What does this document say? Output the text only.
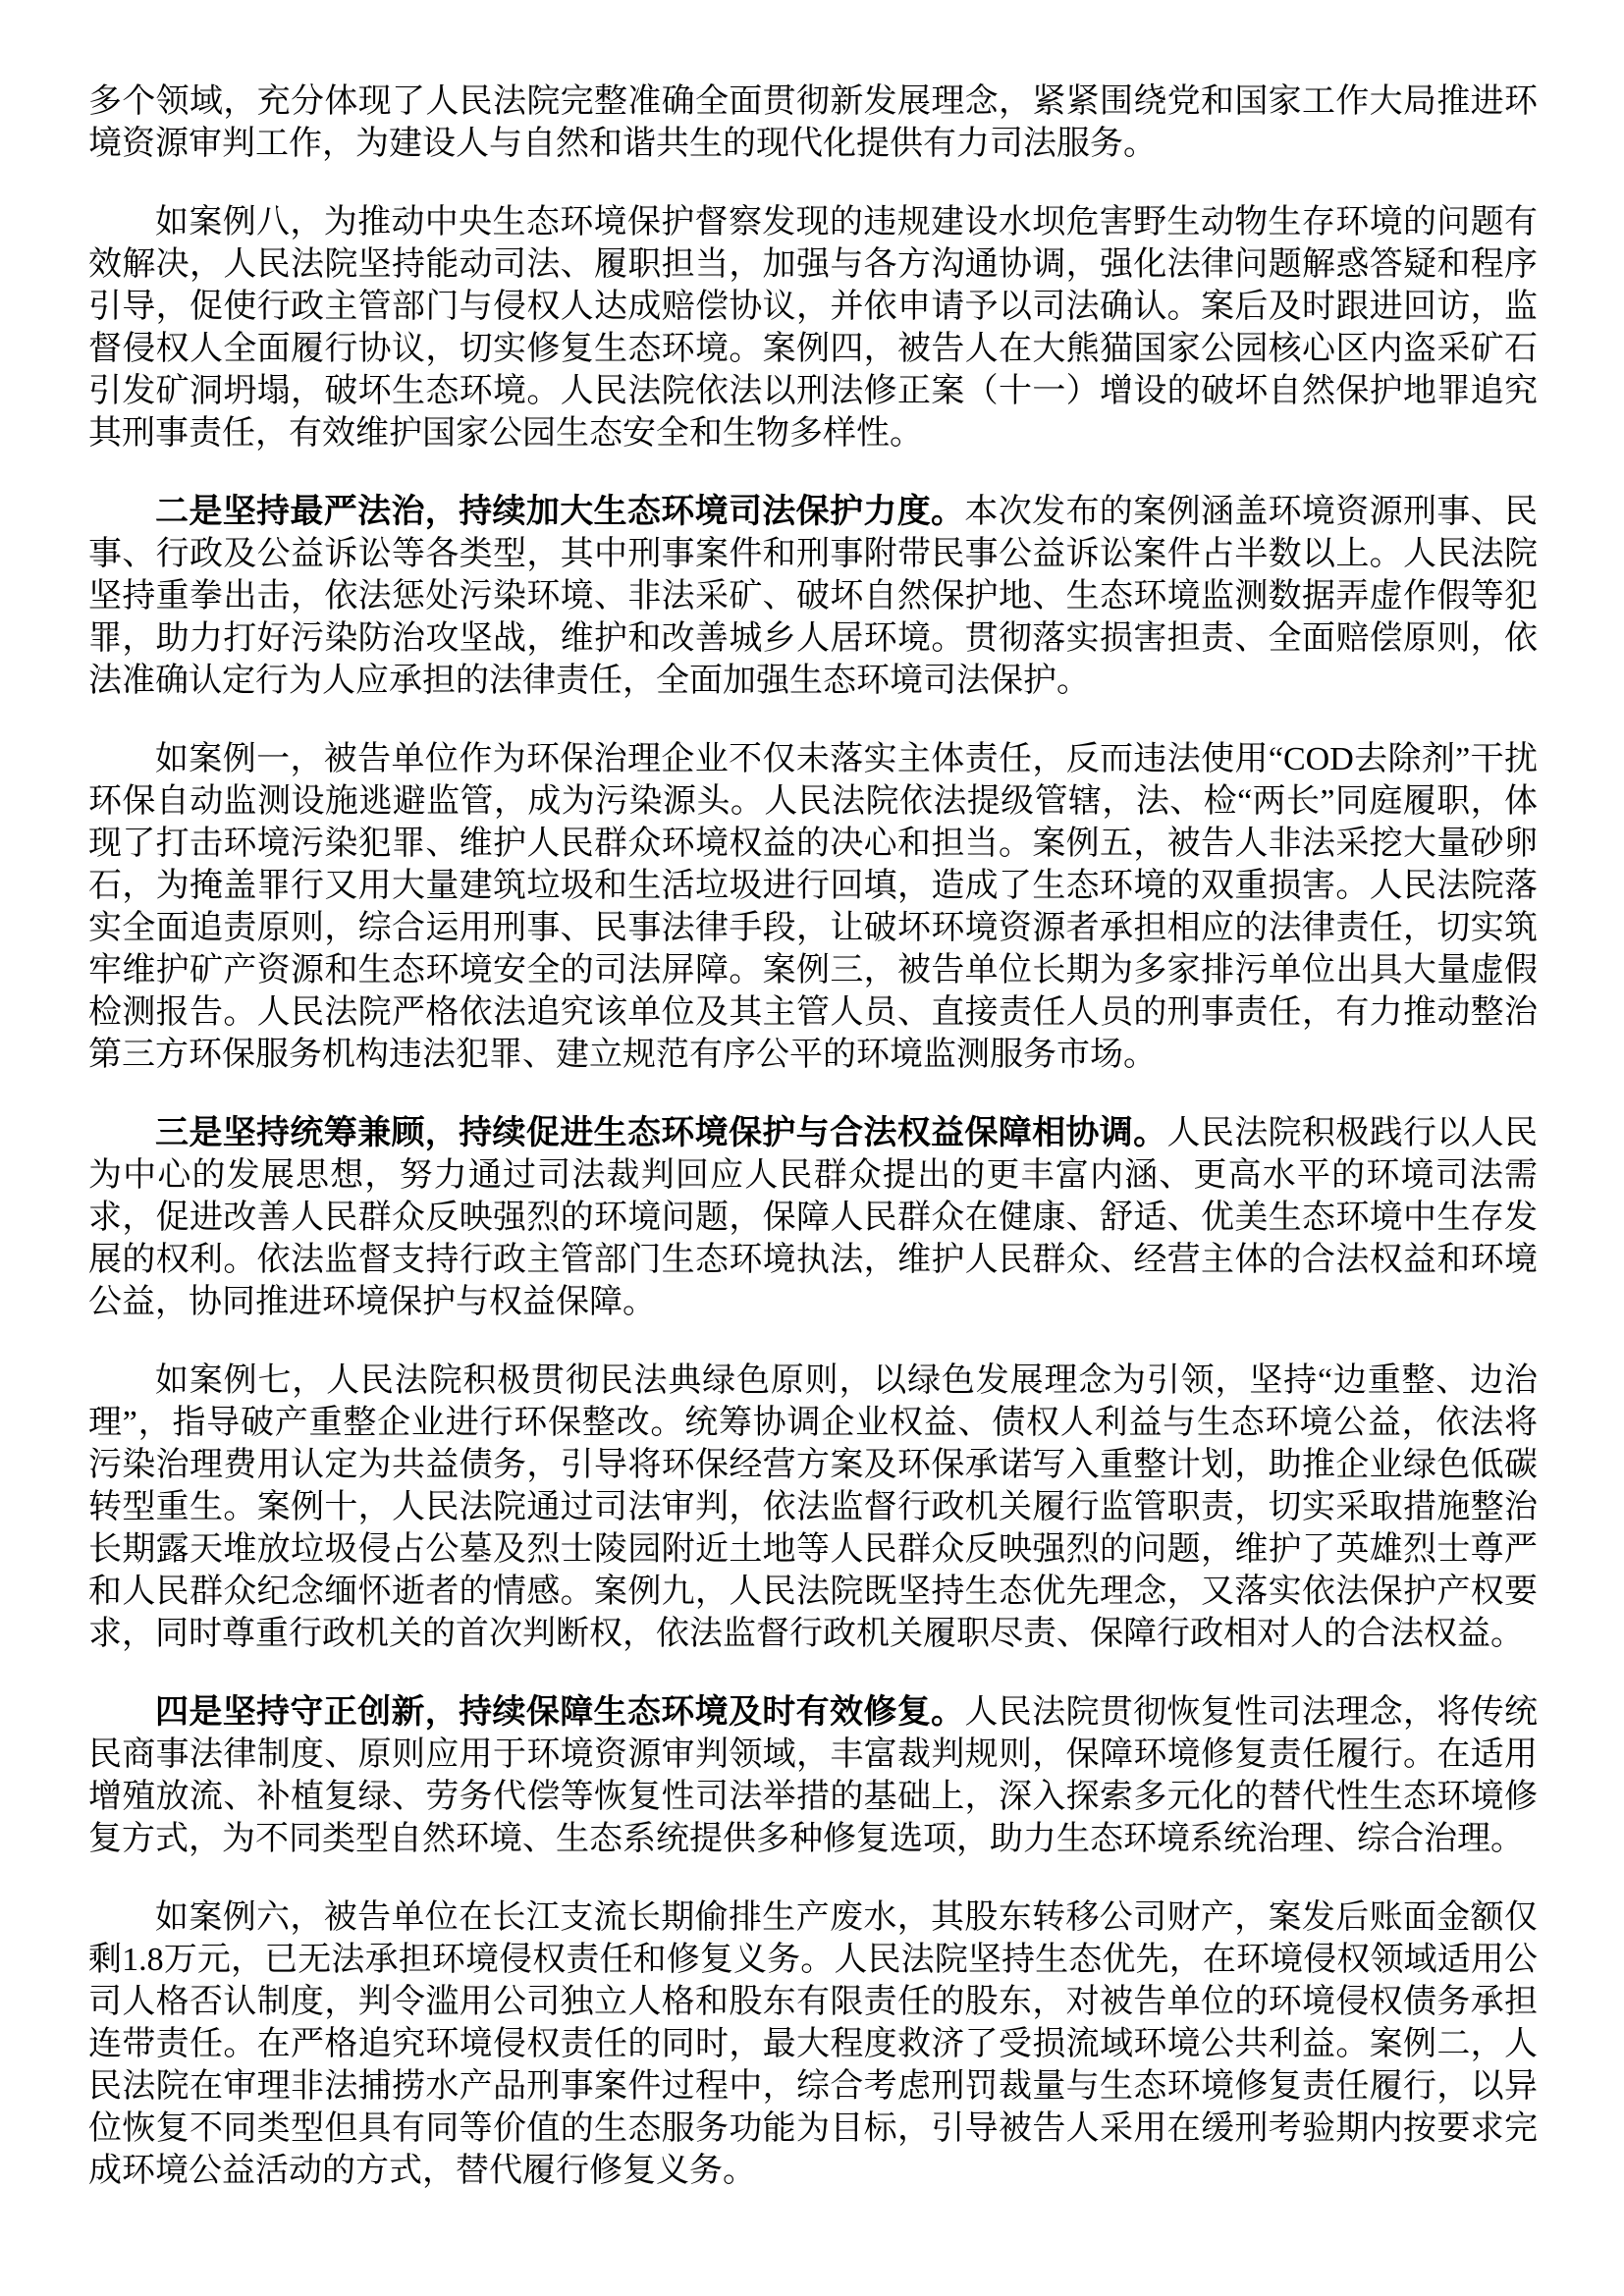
多个领域，充分体现了人民法院完整准确全面贯彻新发展理念，紧紧围绕党和国家工作大局推进环境资源审判工作，为建设人与自然和谐共生的现代化提供有力司法服务。

如案例八，为推动中央生态环境保护督察发现的违规建设水坝危害野生动物生存环境的问题有效解决，人民法院坚持能动司法、履职担当，加强与各方沟通协调，强化法律问题解惑答疑和程序引导，促使行政主管部门与侵权人达成赔偿协议，并依申请予以司法确认。案后及时跟进回访，监督侵权人全面履行协议，切实修复生态环境。案例四，被告人在大熊猫国家公园核心区内盗采矿石引发矿洞坍塌，破坏生态环境。人民法院依法以刑法修正案（十一）增设的破坏自然保护地罪追究其刑事责任，有效维护国家公园生态安全和生物多样性。

二是坚持最严法治，持续加大生态环境司法保护力度。本次发布的案例涵盖环境资源刑事、民事、行政及公益诉讼等各类型，其中刑事案件和刑事附带民事公益诉讼案件占半数以上。人民法院坚持重拳出击，依法惩处污染环境、非法采矿、破坏自然保护地、生态环境监测数据弄虚作假等犯罪，助力打好污染防治攻坚战，维护和改善城乡人居环境。贯彻落实损害担责、全面赔偿原则，依法准确认定行为人应承担的法律责任，全面加强生态环境司法保护。

如案例一，被告单位作为环保治理企业不仅未落实主体责任，反而违法使用“COD去除剂”干扰环保自动监测设施逃避监管，成为污染源头。人民法院依法提级管辖，法、检“两长”同庭履职，体现了打击环境污染犯罪、维护人民群众环境权益的决心和担当。案例五，被告人非法采挖大量砂卵石，为掩盖罪行又用大量建筑垃圾和生活垃圾进行回填，造成了生态环境的双重损害。人民法院落实全面追责原则，综合运用刑事、民事法律手段，让破坏环境资源者承担相应的法律责任，切实筑牢维护矿产资源和生态环境安全的司法屏障。案例三，被告单位长期为多家排污单位出具大量虚假检测报告。人民法院严格依法追究该单位及其主管人员、直接责任人员的刑事责任，有力推动整治第三方环保服务机构违法犯罪、建立规范有序公平的环境监测服务市场。

三是坚持统筹兼顾，持续促进生态环境保护与合法权益保障相协调。人民法院积极践行以人民为中心的发展思想，努力通过司法裁判回应人民群众提出的更丰富内涵、更高水平的环境司法需求，促进改善人民群众反映强烈的环境问题，保障人民群众在健康、舒适、优美生态环境中生存发展的权利。依法监督支持行政主管部门生态环境执法，维护人民群众、经营主体的合法权益和环境公益，协同推进环境保护与权益保障。

如案例七，人民法院积极贯彻民法典绿色原则，以绿色发展理念为引领，坚持“边重整、边治理”，指导破产重整企业进行环保整改。统筹协调企业权益、债权人利益与生态环境公益，依法将污染治理费用认定为共益债务，引导将环保经营方案及环保承诺写入重整计划，助推企业绿色低碳转型重生。案例十，人民法院通过司法审判，依法监督行政机关履行监管职责，切实采取措施整治长期露天堆放垃圾侵占公墓及烈士陵园附近土地等人民群众反映强烈的问题，维护了英雄烈士尊严和人民群众纪念缅怀逝者的情感。案例九，人民法院既坚持生态优先理念，又落实依法保护产权要求，同时尊重行政机关的首次判断权，依法监督行政机关履职尽责、保障行政相对人的合法权益。

四是坚持守正创新，持续保障生态环境及时有效修复。人民法院贯彻恢复性司法理念，将传统民商事法律制度、原则应用于环境资源审判领域，丰富裁判规则，保障环境修复责任履行。在适用增殖放流、补植复绿、劳务代偿等恢复性司法举措的基础上，深入探索多元化的替代性生态环境修复方式，为不同类型自然环境、生态系统提供多种修复选项，助力生态环境系统治理、综合治理。

如案例六，被告单位在长江支流长期偷排生产废水，其股东转移公司财产，案发后账面金额仅剩1.8万元，已无法承担环境侵权责任和修复义务。人民法院坚持生态优先，在环境侵权领域适用公司人格否认制度，判令滥用公司独立人格和股东有限责任的股东，对被告单位的环境侵权债务承担连带责任。在严格追究环境侵权责任的同时，最大程度救济了受损流域环境公共利益。案例二，人民法院在审理非法捕捞水产品刑事案件过程中，综合考虑刑罚裁量与生态环境修复责任履行，以异位恢复不同类型但具有同等价值的生态服务功能为目标，引导被告人采用在缓刑考验期内按要求完成环境公益活动的方式，替代履行修复义务。
